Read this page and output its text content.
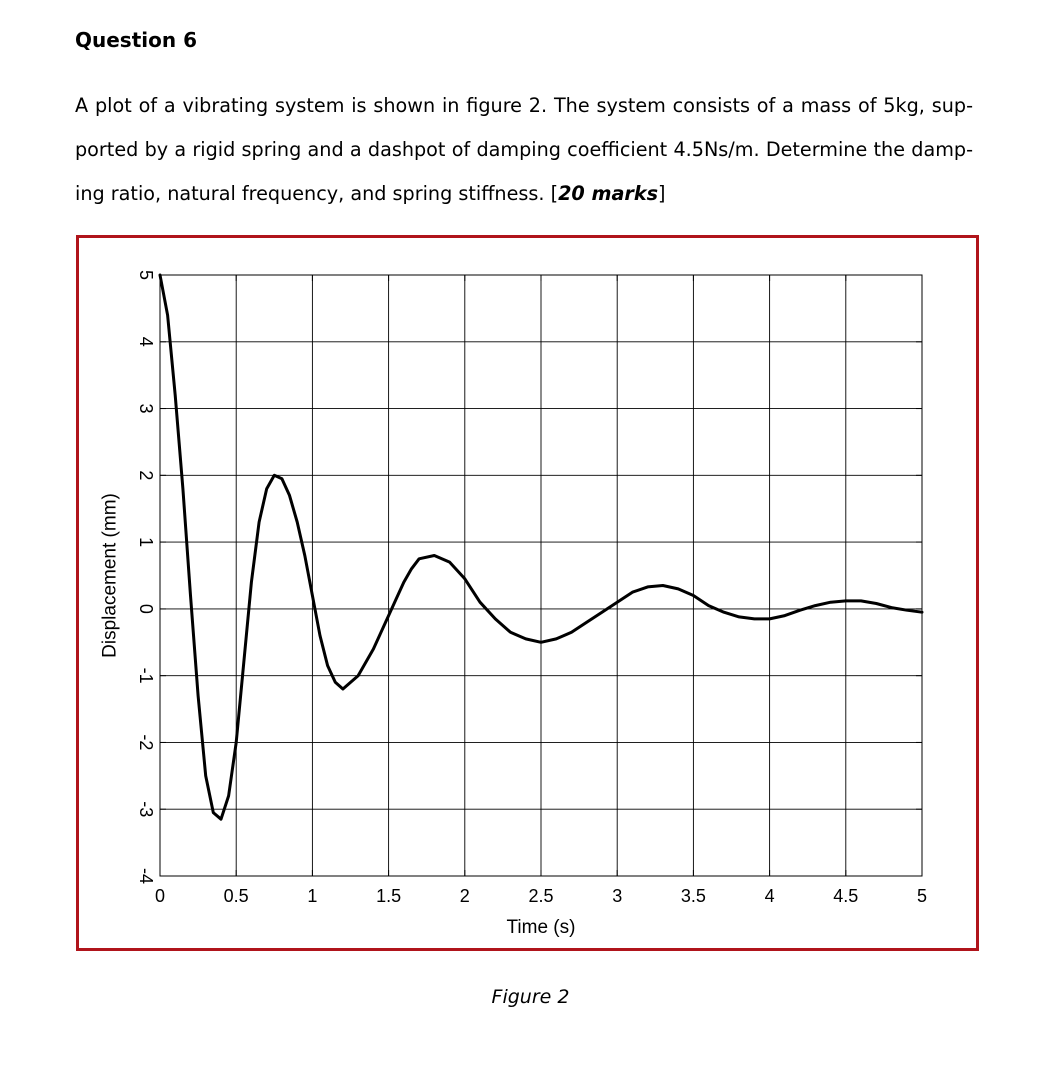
Question 6

A plot of a vibrating system is shown in figure 2. The system consists of a mass of 5kg, sup-ported by a rigid spring and a dashpot of damping coefficient 4.5Ns/m. Determine the damp-ing ratio, natural frequency, and spring stiffness. [20 marks]

0	0.5	1	1.5	2	2.5	3	3.5	4	4.5	5
-4
-3
-2
-1
0
1
2
3
4
5
Time (s)
Displacement (mm)
Figure 2
